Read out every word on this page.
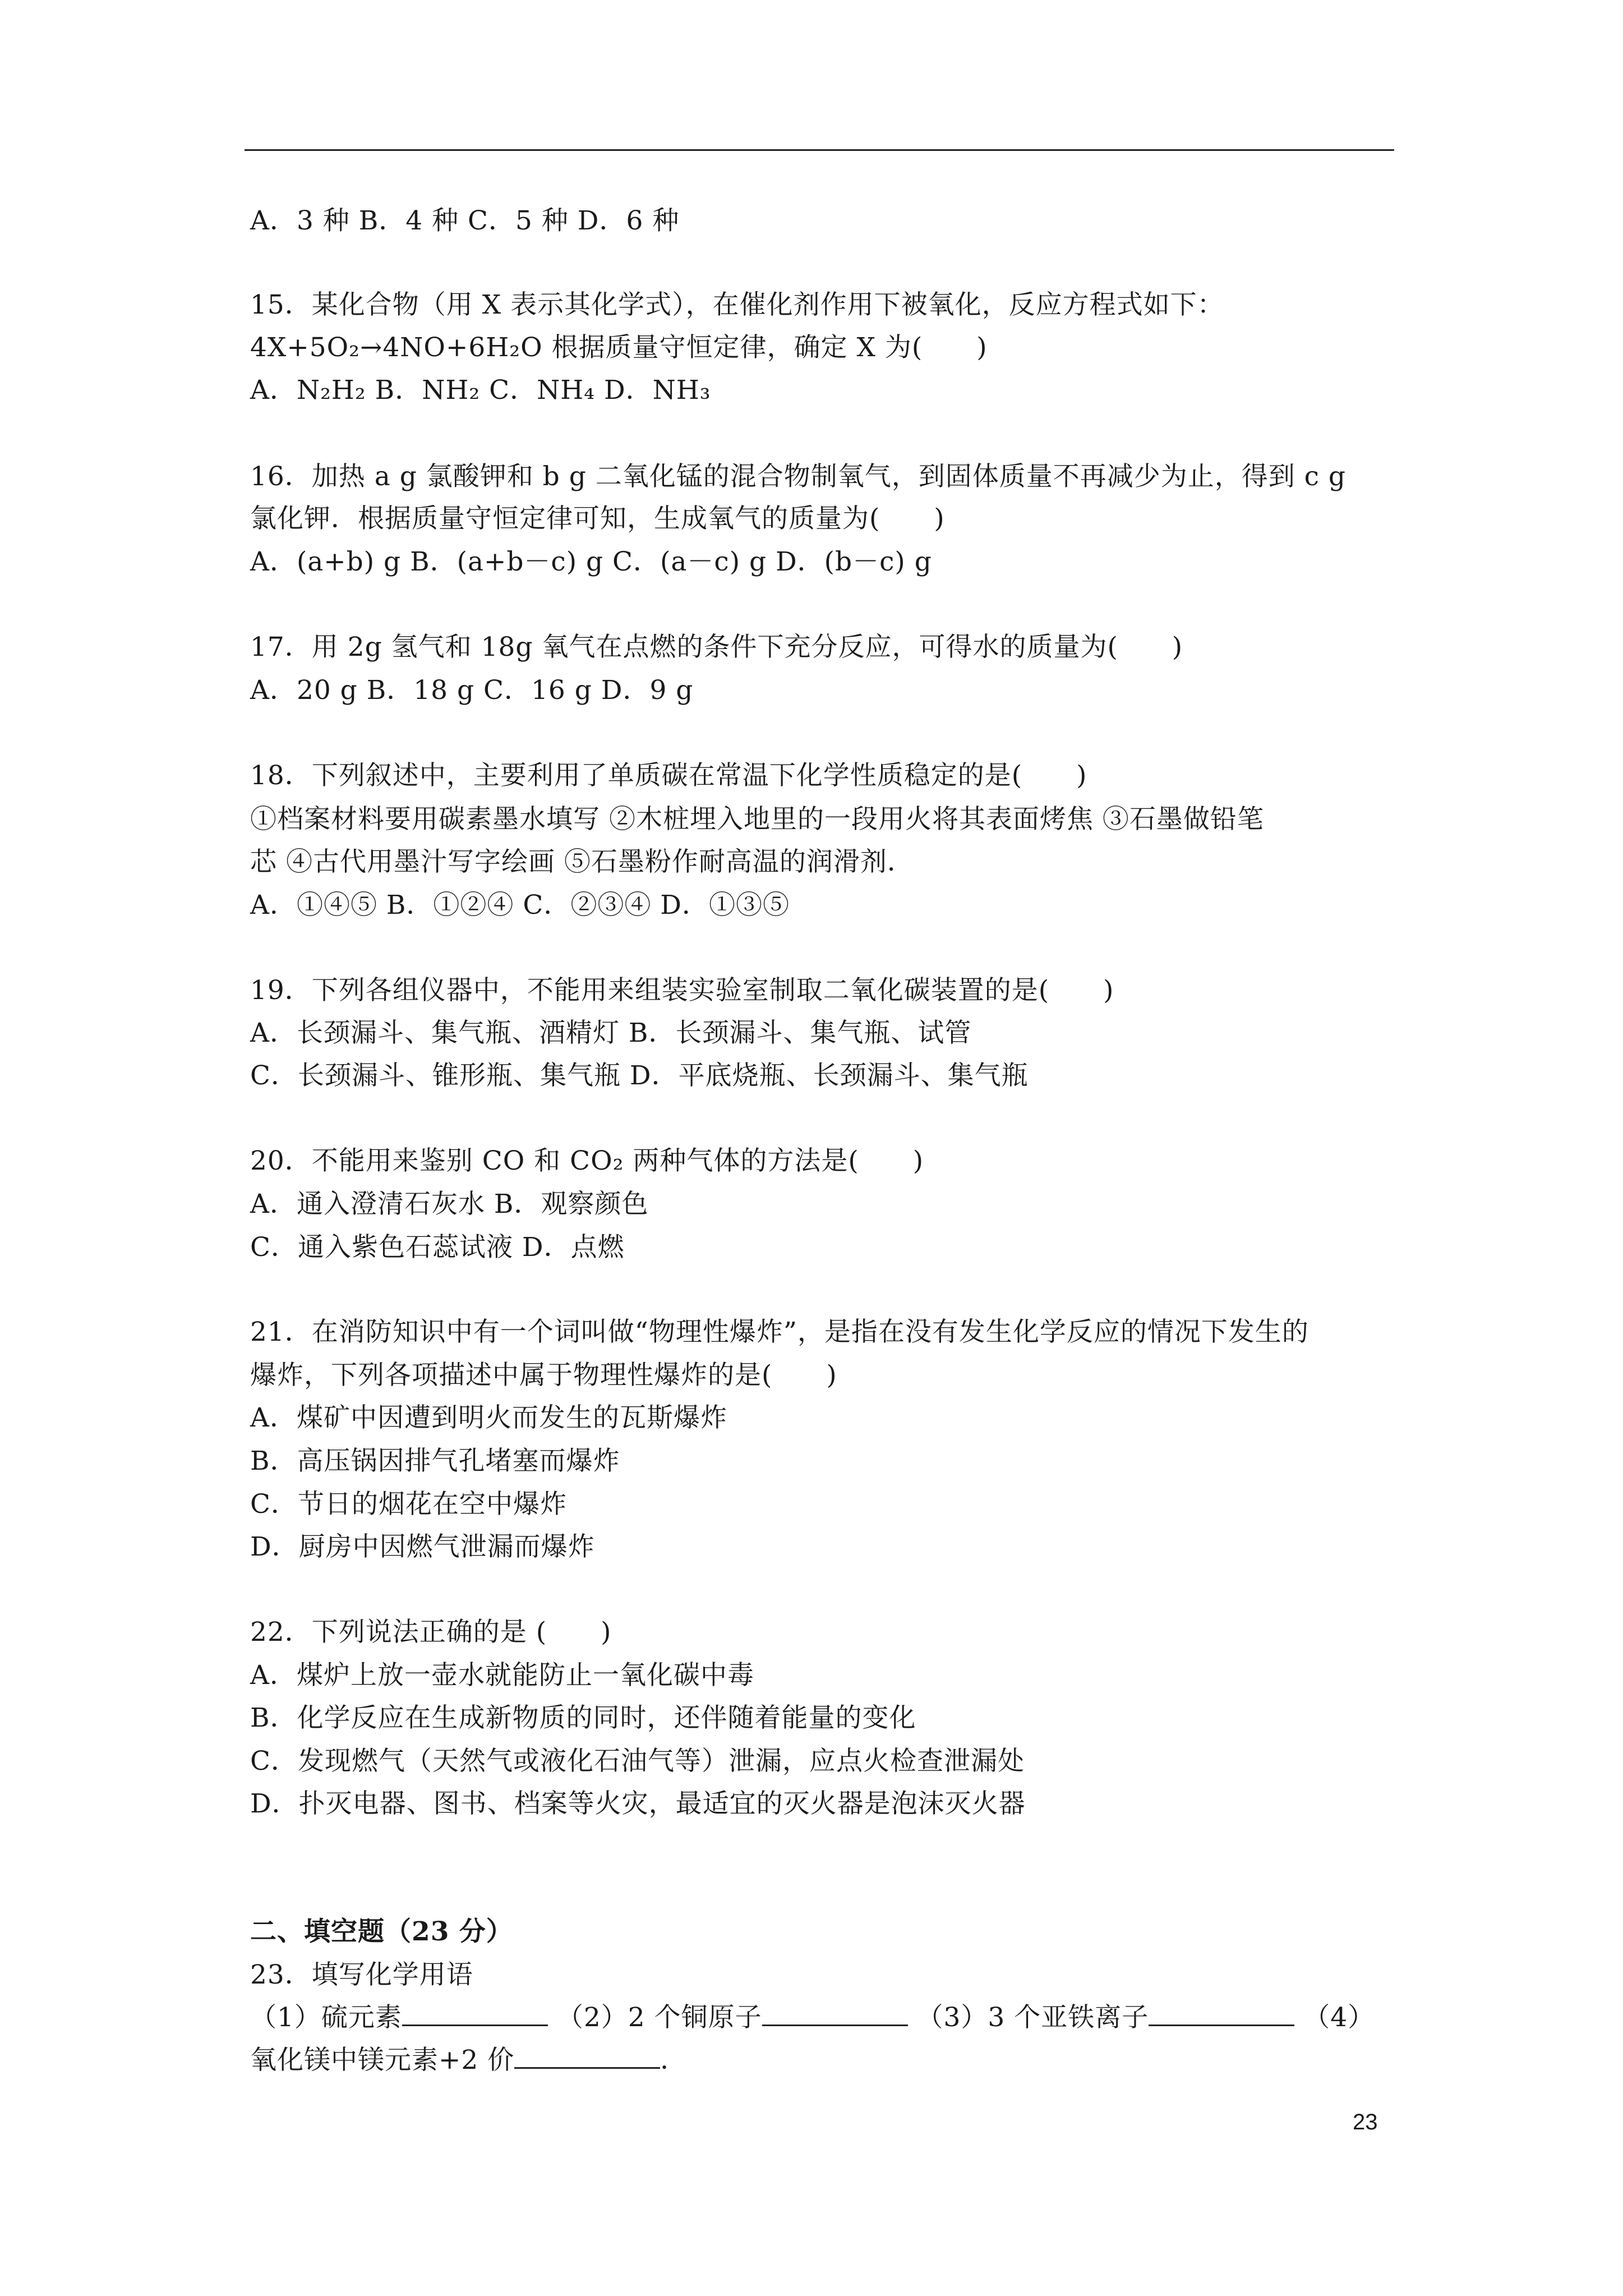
A．3 种 B．4 种 C．5 种 D．6 种
15．某化合物（用 X 表示其化学式），在催化剂作用下被氧化，反应方程式如下：
4X+5O₂→4NO+6H₂O 根据质量守恒定律，确定 X 为(　　)
A．N₂H₂ B．NH₂ C．NH₄ D．NH₃
16．加热 a g 氯酸钾和 b g 二氧化锰的混合物制氧气，到固体质量不再减少为止，得到 c g
氯化钾．根据质量守恒定律可知，生成氧气的质量为(　　)
A．(a+b) g B．(a+b－c) g C．(a－c) g D．(b－c) g
17．用 2g 氢气和 18g 氧气在点燃的条件下充分反应，可得水的质量为(　　)
A．20 g B．18 g C．16 g D．9 g
18．下列叙述中，主要利用了单质碳在常温下化学性质稳定的是(　　)
①档案材料要用碳素墨水填写 ②木桩埋入地里的一段用火将其表面烤焦 ③石墨做铅笔
芯 ④古代用墨汁写字绘画 ⑤石墨粉作耐高温的润滑剂．
A．①④⑤ B．①②④ C．②③④ D．①③⑤
19．下列各组仪器中，不能用来组装实验室制取二氧化碳装置的是(　　)
A．长颈漏斗、集气瓶、酒精灯 B．长颈漏斗、集气瓶、试管
C．长颈漏斗、锥形瓶、集气瓶 D．平底烧瓶、长颈漏斗、集气瓶
20．不能用来鉴别 CO 和 CO₂ 两种气体的方法是(　　)
A．通入澄清石灰水 B．观察颜色
C．通入紫色石蕊试液 D．点燃
21．在消防知识中有一个词叫做“物理性爆炸”，是指在没有发生化学反应的情况下发生的
爆炸，下列各项描述中属于物理性爆炸的是(　　)
A．煤矿中因遭到明火而发生的瓦斯爆炸
B．高压锅因排气孔堵塞而爆炸
C．节日的烟花在空中爆炸
D．厨房中因燃气泄漏而爆炸
22．下列说法正确的是 (　　)
A．煤炉上放一壶水就能防止一氧化碳中毒
B．化学反应在生成新物质的同时，还伴随着能量的变化
C．发现燃气（天然气或液化石油气等）泄漏，应点火检查泄漏处
D．扑灭电器、图书、档案等火灾，最适宜的灭火器是泡沫灭火器
二、填空题（23 分）
23．填写化学用语
（1）硫元素	（2）2 个铜原子	（3）3 个亚铁离子	（4）
氧化镁中镁元素+2 价	．
23
